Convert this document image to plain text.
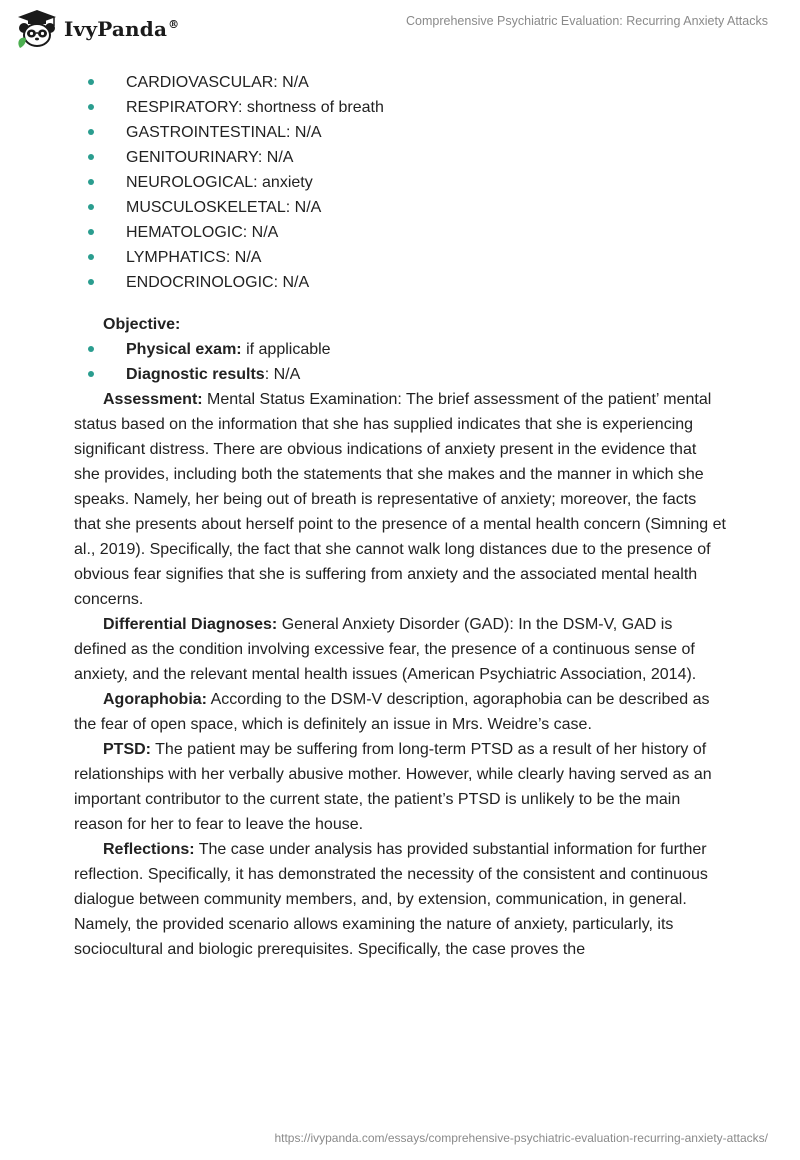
IvyPanda®	Comprehensive Psychiatric Evaluation: Recurring Anxiety Attacks
CARDIOVASCULAR: N/A
RESPIRATORY: shortness of breath
GASTROINTESTINAL: N/A
GENITOURINARY: N/A
NEUROLOGICAL: anxiety
MUSCULOSKELETAL: N/A
HEMATOLOGIC: N/A
LYMPHATICS: N/A
ENDOCRINOLOGIC: N/A
Objective:
Physical exam: if applicable
Diagnostic results: N/A

Assessment: Mental Status Examination: The brief assessment of the patient’ mental status based on the information that she has supplied indicates that she is experiencing significant distress. There are obvious indications of anxiety present in the evidence that she provides, including both the statements that she makes and the manner in which she speaks. Namely, her being out of breath is representative of anxiety; moreover, the facts that she presents about herself point to the presence of a mental health concern (Simning et al., 2019). Specifically, the fact that she cannot walk long distances due to the presence of obvious fear signifies that she is suffering from anxiety and the associated mental health concerns.

Differential Diagnoses: General Anxiety Disorder (GAD): In the DSM-V, GAD is defined as the condition involving excessive fear, the presence of a continuous sense of anxiety, and the relevant mental health issues (American Psychiatric Association, 2014).

Agoraphobia: According to the DSM-V description, agoraphobia can be described as the fear of open space, which is definitely an issue in Mrs. Weidre’s case.

PTSD: The patient may be suffering from long-term PTSD as a result of her history of relationships with her verbally abusive mother. However, while clearly having served as an important contributor to the current state, the patient’s PTSD is unlikely to be the main reason for her to fear to leave the house.

Reflections: The case under analysis has provided substantial information for further reflection. Specifically, it has demonstrated the necessity of the consistent and continuous dialogue between community members, and, by extension, communication, in general. Namely, the provided scenario allows examining the nature of anxiety, particularly, its sociocultural and biologic prerequisites. Specifically, the case proves the

https://ivypanda.com/essays/comprehensive-psychiatric-evaluation-recurring-anxiety-attacks/
